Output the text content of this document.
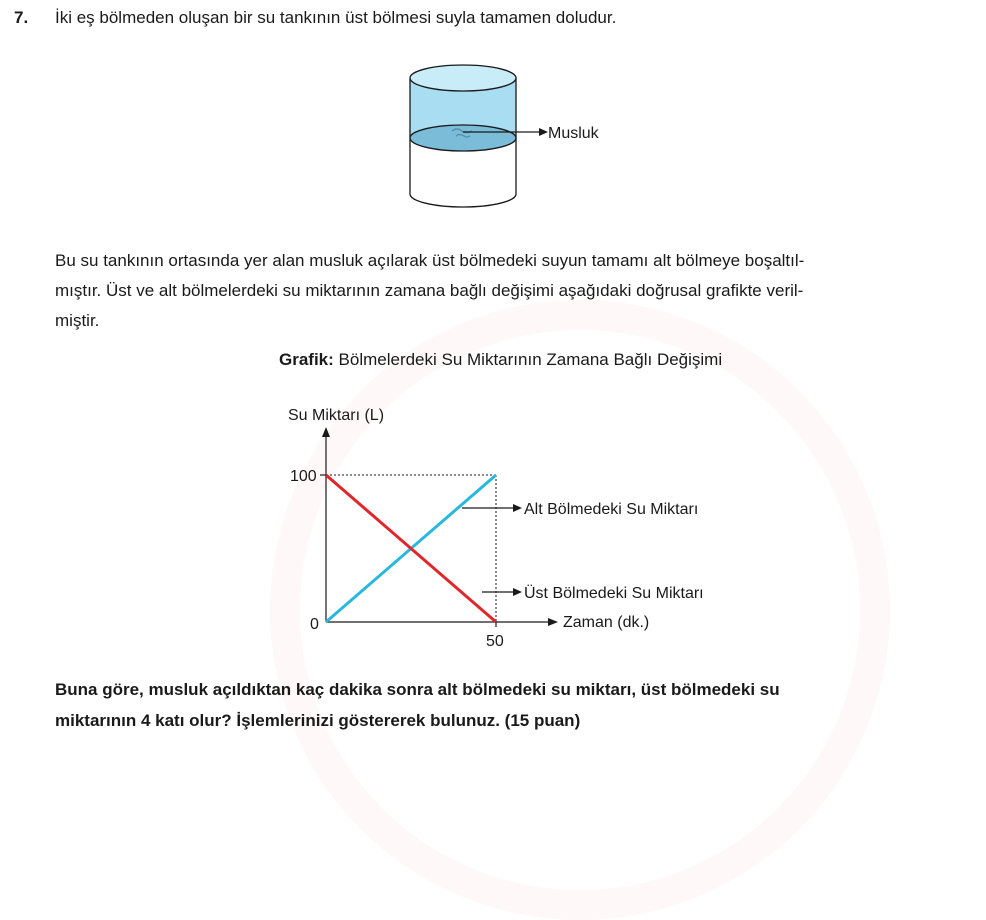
7. İki eş bölmeden oluşan bir su tankının üst bölmesi suyla tamamen doludur.
Musluk

Bu su tankının ortasında yer alan musluk açılarak üst bölmedeki suyun tamamı alt bölmeye boşaltıl-

mıştır. Üst ve alt bölmelerdeki su miktarının zamana bağlı değişimi aşağıdaki doğrusal grafikte veril-

miştir.

Grafik: Bölmelerdeki Su Miktarının Zamana Bağlı Değişimi
Su Miktarı (L)
Zaman (dk.)
0
100
50
Alt Bölmedeki Su Miktarı
Üst Bölmedeki Su Miktarı

Buna göre, musluk açıldıktan kaç dakika sonra alt bölmedeki su miktarı, üst bölmedeki su

miktarının 4 katı olur? İşlemlerinizi göstererek bulunuz. (15 puan)
